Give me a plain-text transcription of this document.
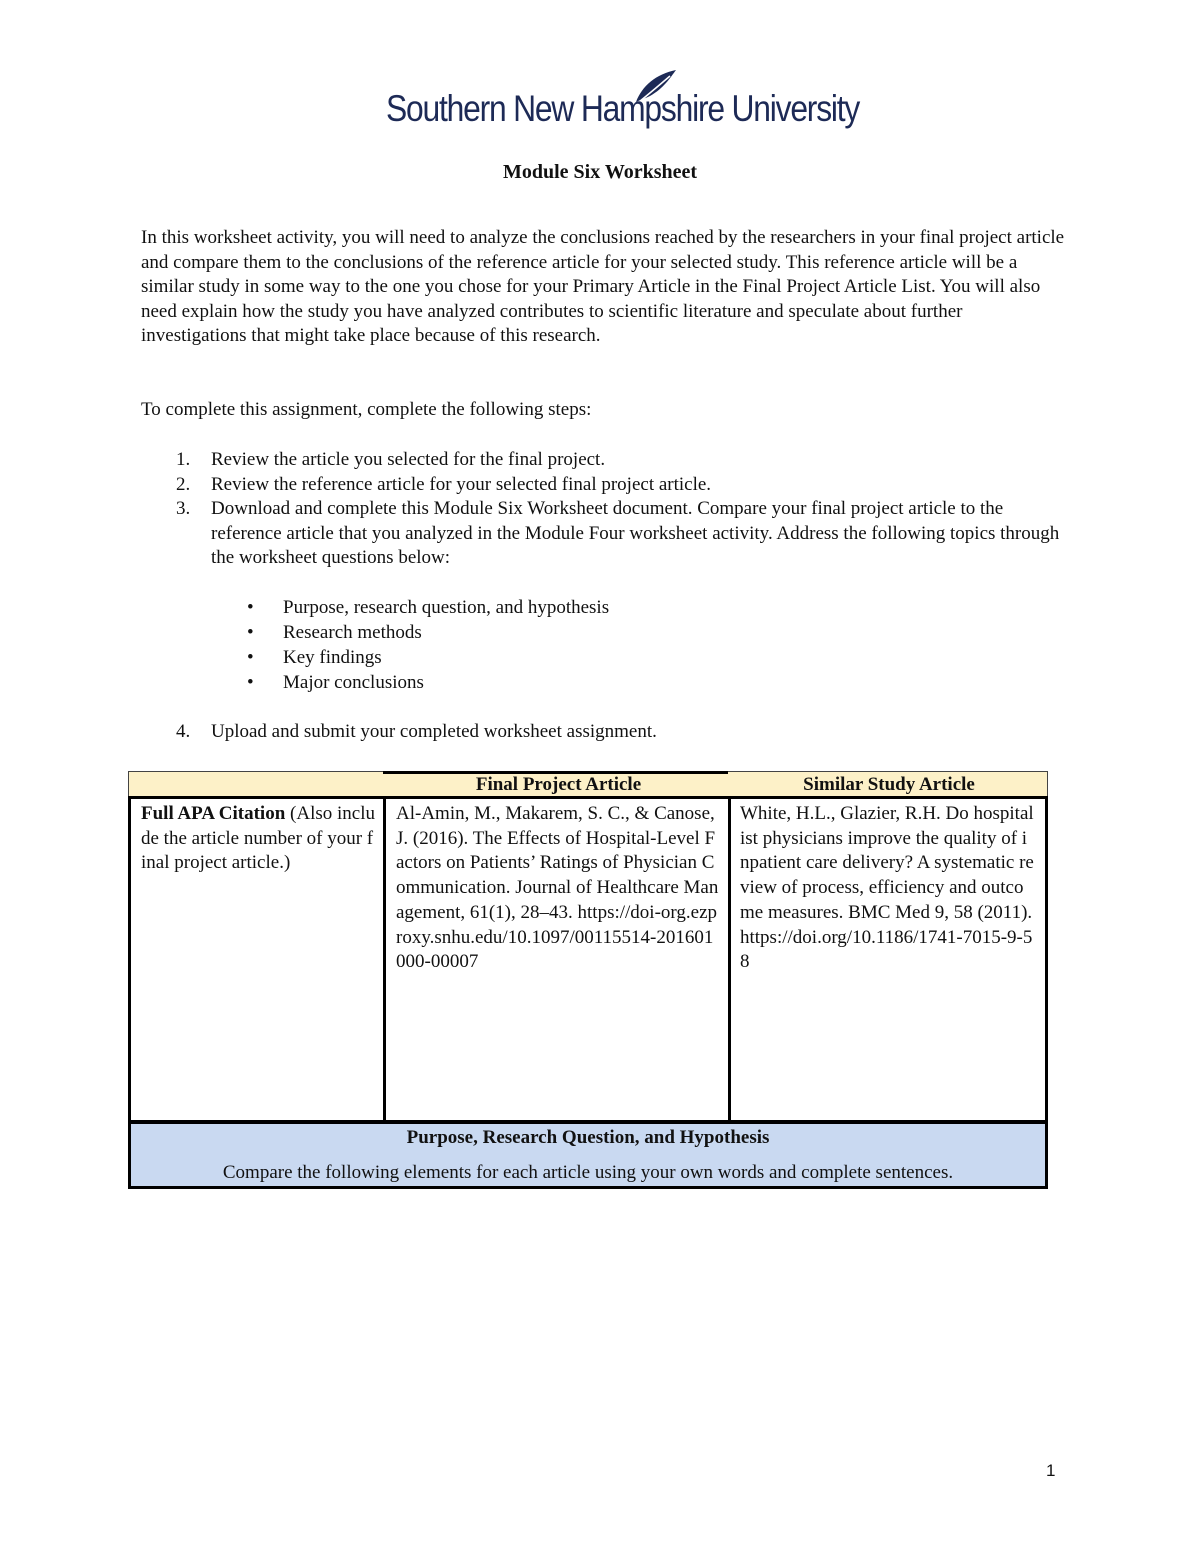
Southern New Hampshire University
Module Six Worksheet

In this worksheet activity, you will need to analyze the conclusions reached by the researchers in your final project article and compare them to the conclusions of the reference article for your selected study. This reference article will be a similar study in some way to the one you chose for your Primary Article in the Final Project Article List. You will also need explain how the study you have analyzed contributes to scientific literature and speculate about further investigations that might take place because of this research.

To complete this assignment, complete the following steps:

1. Review the article you selected for the final project.
2. Review the reference article for your selected final project article.
3. Download and complete this Module Six Worksheet document. Compare your final project article to the reference article that you analyzed in the Module Four worksheet activity. Address the following topics through the worksheet questions below:
• Purpose, research question, and hypothesis
• Research methods
• Key findings
• Major conclusions
4. Upload and submit your completed worksheet assignment.
Final Project Article	Similar Study Article
Full APA Citation (Also include the article number of your final project article.)
Al-Amin, M., Makarem, S. C., & Canose, J. (2016). The Effects of Hospital-Level Factors on Patients’ Ratings of Physician Communication. Journal of Healthcare Management, 61(1), 28–43. https://doi-org.ezproxy.snhu.edu/10.1097/00115514-201601000-00007
White, H.L., Glazier, R.H. Do hospitalist physicians improve the quality of inpatient care delivery? A systematic review of process, efficiency and outcome measures. BMC Med 9, 58 (2011). https://doi.org/10.1186/1741-7015-9-58
Purpose, Research Question, and Hypothesis
Compare the following elements for each article using your own words and complete sentences.
1
